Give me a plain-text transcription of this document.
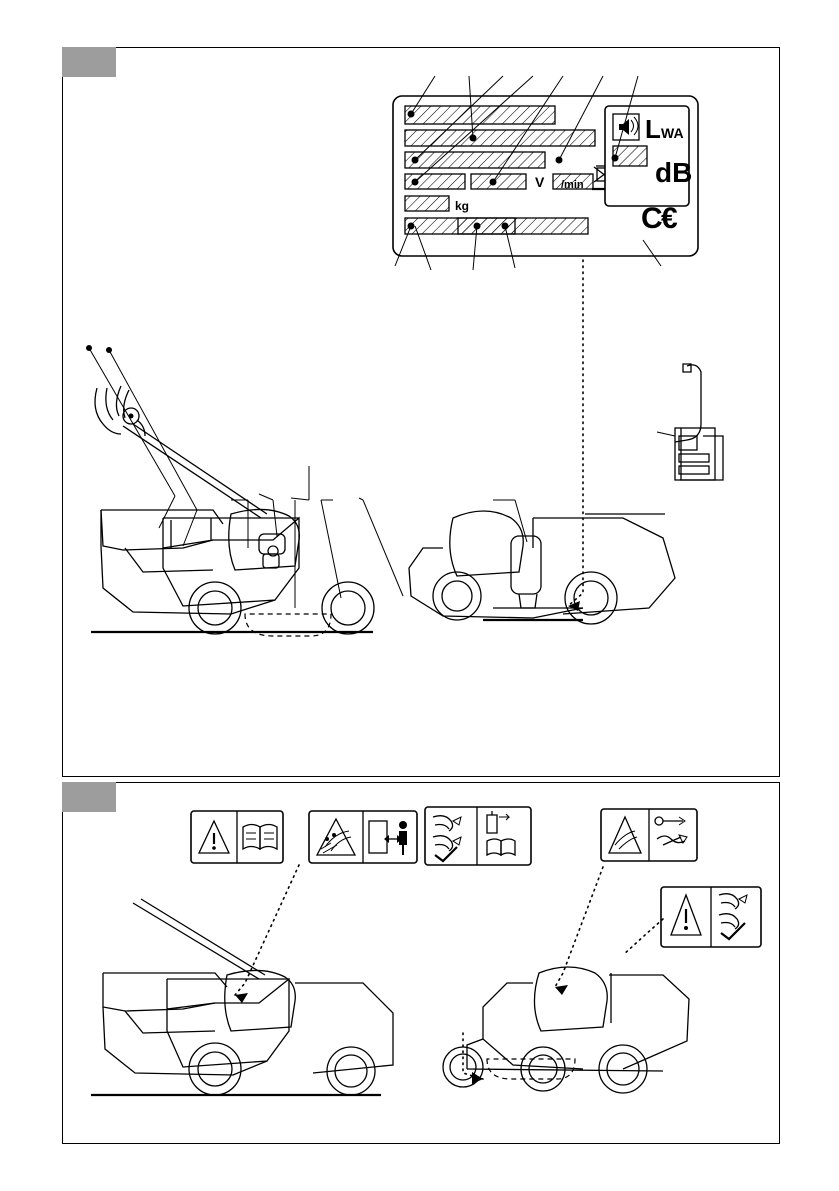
V /min
kg
L WA
dB
C €
